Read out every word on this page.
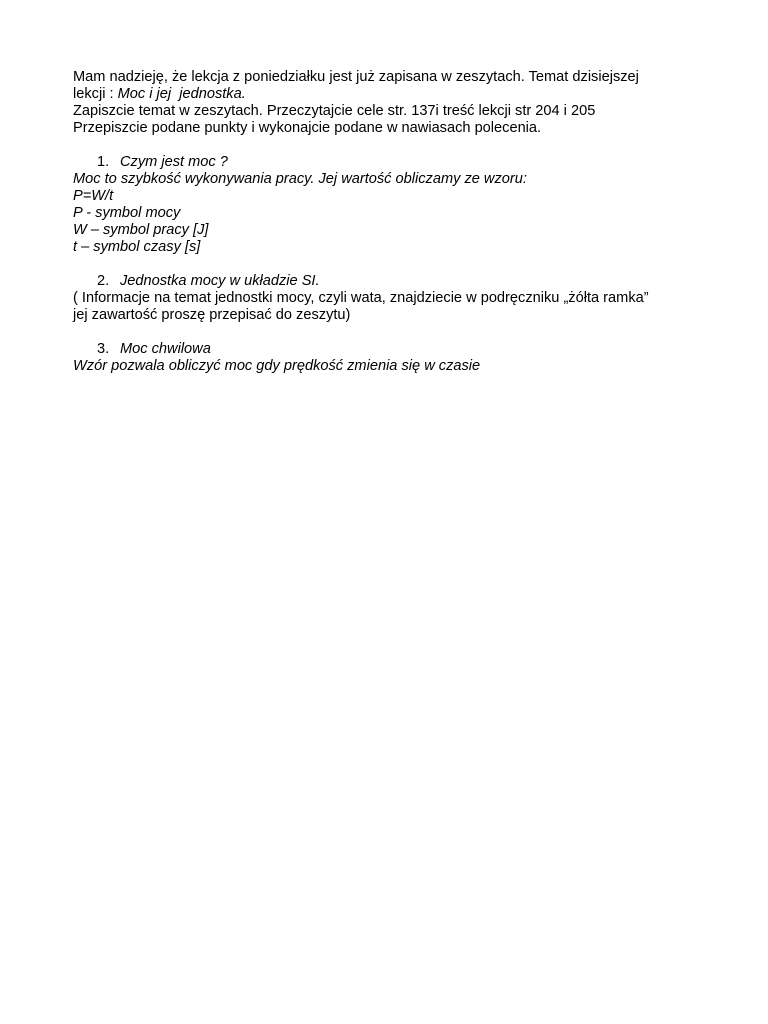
Mam nadzieję, że lekcja z poniedziałku jest już zapisana w zeszytach. Temat dzisiejszej
lekcji : Moc i jej  jednostka.
Zapiszcie temat w zeszytach. Przeczytajcie cele str. 137i treść lekcji str 204 i 205
Przepiszcie podane punkty i wykonajcie podane w nawiasach polecenia.

1.

Czym jest moc ?

Moc to szybkość wykonywania pracy. Jej wartość obliczamy ze wzoru:
P=W/t
P - symbol mocy
W – symbol pracy [J]
t – symbol czasy [s]

2.

Jednostka mocy w układzie SI.

( Informacje na temat jednostki mocy, czyli wata, znajdziecie w podręczniku „żółta ramka”
jej zawartość proszę przepisać do zeszytu)

3.

Moc chwilowa

Wzór pozwala obliczyć moc gdy prędkość zmienia się w czasie
